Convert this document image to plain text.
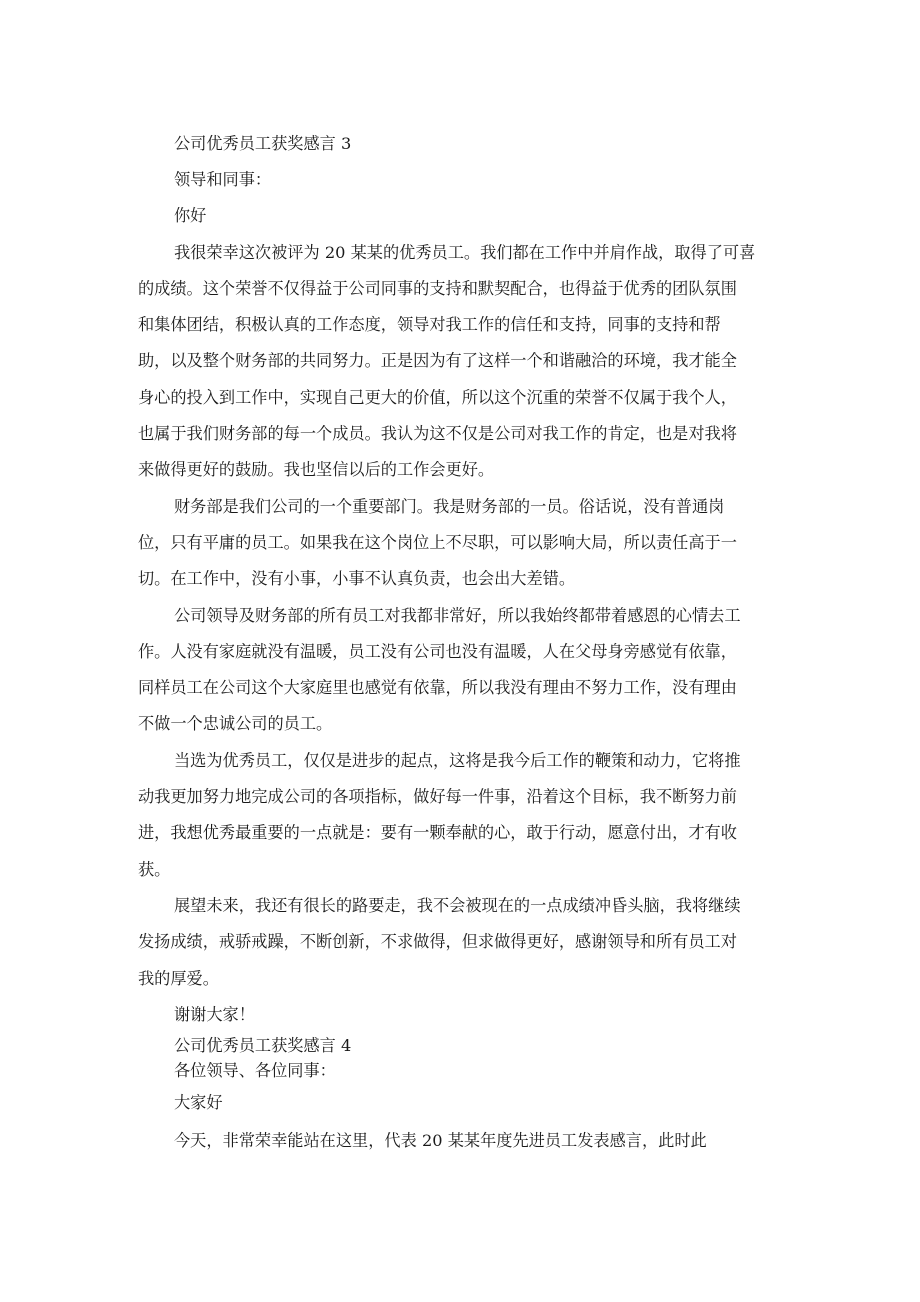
公司优秀员工获奖感言 3
领导和同事：
你好
我很荣幸这次被评为 20 某某的优秀员工。我们都在工作中并肩作战，取得了可喜
的成绩。这个荣誉不仅得益于公司同事的支持和默契配合，也得益于优秀的团队氛围
和集体团结，积极认真的工作态度，领导对我工作的信任和支持，同事的支持和帮
助，以及整个财务部的共同努力。正是因为有了这样一个和谐融洽的环境，我才能全
身心的投入到工作中，实现自己更大的价值，所以这个沉重的荣誉不仅属于我个人，
也属于我们财务部的每一个成员。我认为这不仅是公司对我工作的肯定，也是对我将
来做得更好的鼓励。我也坚信以后的工作会更好。
财务部是我们公司的一个重要部门。我是财务部的一员。俗话说，没有普通岗
位，只有平庸的员工。如果我在这个岗位上不尽职，可以影响大局，所以责任高于一
切。在工作中，没有小事，小事不认真负责，也会出大差错。
公司领导及财务部的所有员工对我都非常好，所以我始终都带着感恩的心情去工
作。人没有家庭就没有温暖，员工没有公司也没有温暖，人在父母身旁感觉有依靠，
同样员工在公司这个大家庭里也感觉有依靠，所以我没有理由不努力工作，没有理由
不做一个忠诚公司的员工。
当选为优秀员工，仅仅是进步的起点，这将是我今后工作的鞭策和动力，它将推
动我更加努力地完成公司的各项指标，做好每一件事，沿着这个目标，我不断努力前
进，我想优秀最重要的一点就是：要有一颗奉献的心，敢于行动，愿意付出，才有收
获。
展望未来，我还有很长的路要走，我不会被现在的一点成绩冲昏头脑，我将继续
发扬成绩，戒骄戒躁，不断创新，不求做得，但求做得更好，感谢领导和所有员工对
我的厚爱。
谢谢大家！
公司优秀员工获奖感言 4
各位领导、各位同事：
大家好
今天，非常荣幸能站在这里，代表 20 某某年度先进员工发表感言，此时此
